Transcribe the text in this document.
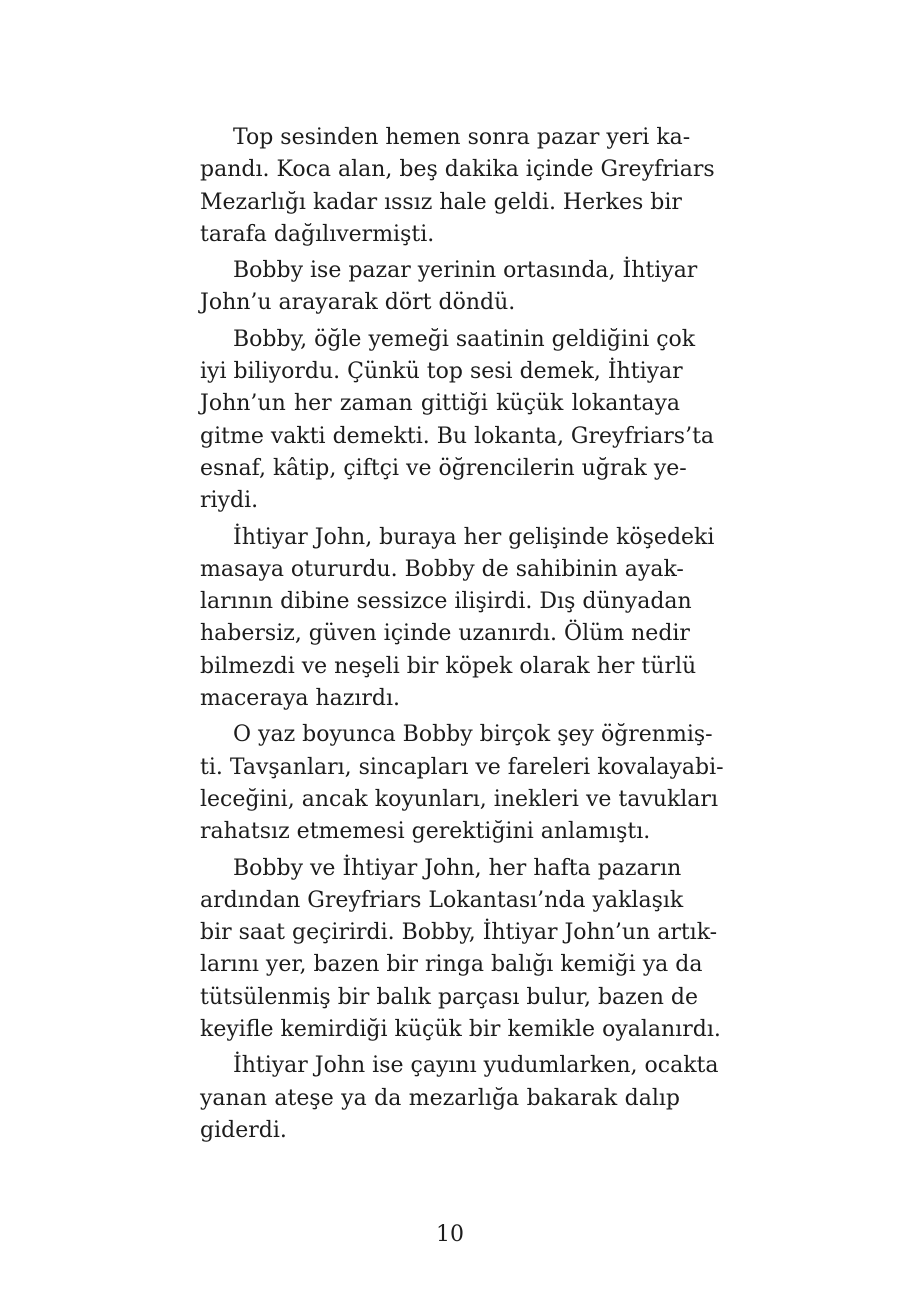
Top sesinden hemen sonra pazar yeri ka-
pandı. Koca alan, beş dakika içinde Greyfriars
Mezarlığı kadar ıssız hale geldi. Herkes bir
tarafa dağılıvermişti.
Bobby ise pazar yerinin ortasında, İhtiyar
John’u arayarak dört döndü.
Bobby, öğle yemeği saatinin geldiğini çok
iyi biliyordu. Çünkü top sesi demek, İhtiyar
John’un her zaman gittiği küçük lokantaya
gitme vakti demekti. Bu lokanta, Greyfriars’ta
esnaf, kâtip, çiftçi ve öğrencilerin uğrak ye-
riydi.
İhtiyar John, buraya her gelişinde köşedeki
masaya otururdu. Bobby de sahibinin ayak-
larının dibine sessizce ilişirdi. Dış dünyadan
habersiz, güven içinde uzanırdı. Ölüm nedir
bilmezdi ve neşeli bir köpek olarak her türlü
maceraya hazırdı.
O yaz boyunca Bobby birçok şey öğrenmiş-
ti. Tavşanları, sincapları ve fareleri kovalayabi-
leceğini, ancak koyunları, inekleri ve tavukları
rahatsız etmemesi gerektiğini anlamıştı.
Bobby ve İhtiyar John, her hafta pazarın
ardından Greyfriars Lokantası’nda yaklaşık
bir saat geçirirdi. Bobby, İhtiyar John’un artık-
larını yer, bazen bir ringa balığı kemiği ya da
tütsülenmiş bir balık parçası bulur, bazen de
keyifle kemirdiği küçük bir kemikle oyalanırdı.
İhtiyar John ise çayını yudumlarken, ocakta
yanan ateşe ya da mezarlığa bakarak dalıp
giderdi.
10
